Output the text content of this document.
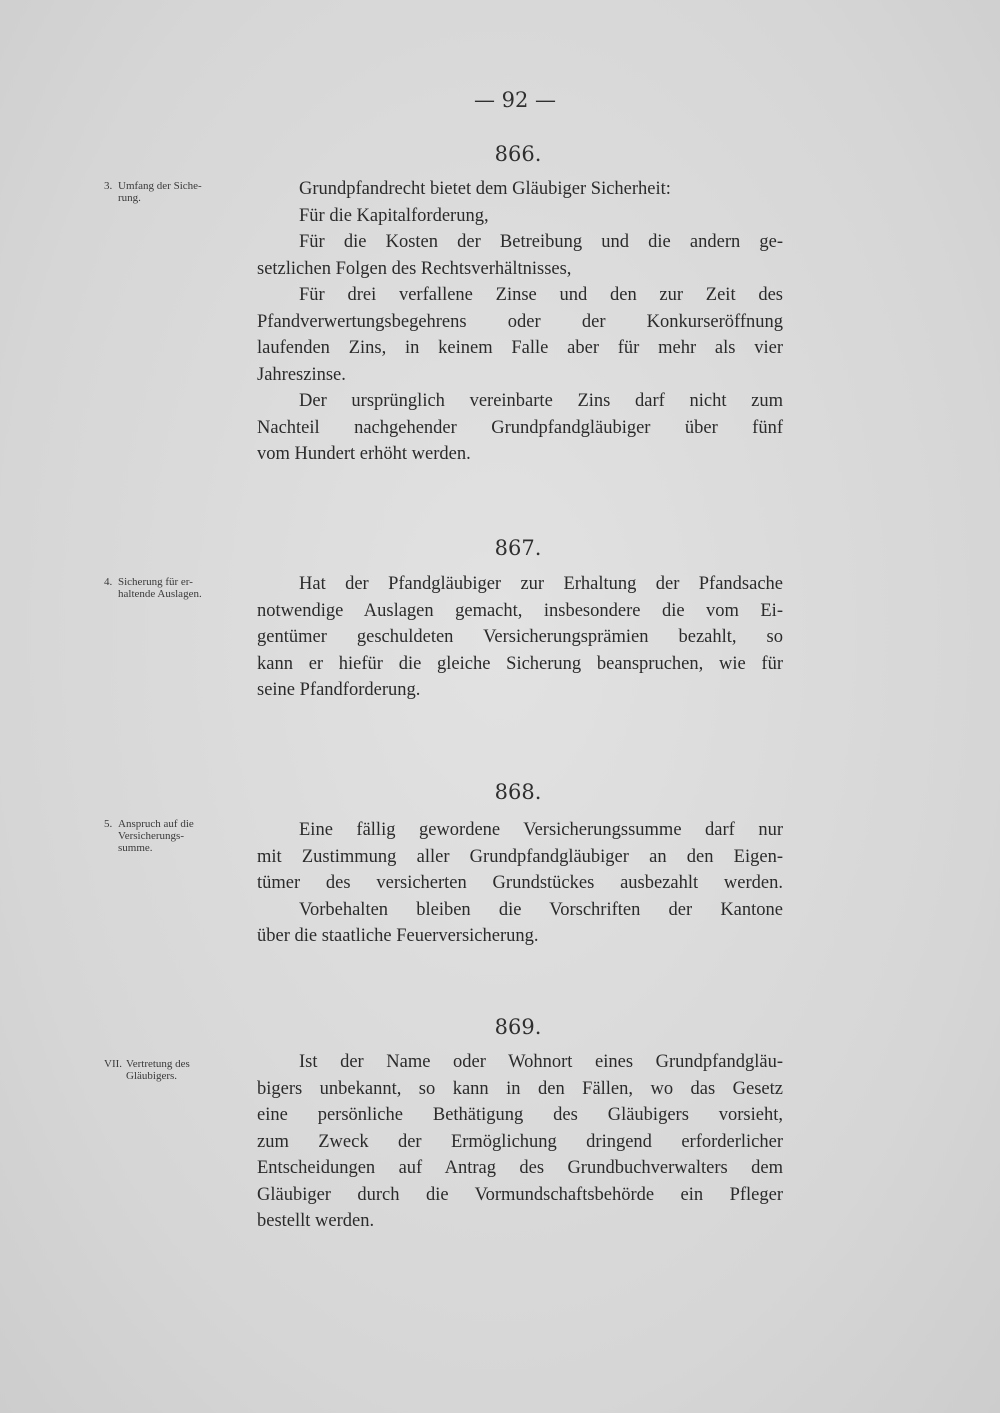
— 92 —
866.
3. Umfang der Siche-
rung.	Grundpfandrecht bietet dem Gläubiger Sicherheit:
Für die Kapitalforderung,
Für die Kosten der Betreibung und die andern ge-
setzlichen Folgen des Rechtsverhältnisses,
Für drei verfallene Zinse und den zur Zeit des
Pfandverwertungsbegehrens oder der Konkurseröffnung
laufenden Zins, in keinem Falle aber für mehr als vier
Jahreszinse.
Der ursprünglich vereinbarte Zins darf nicht zum
Nachteil nachgehender Grundpfandgläubiger über fünf
vom Hundert erhöht werden.
867.
4. Sicherung für er-
haltende Auslagen.	Hat der Pfandgläubiger zur Erhaltung der Pfandsache
notwendige Auslagen gemacht, insbesondere die vom Ei-
gentümer geschuldeten Versicherungsprämien bezahlt, so
kann er hiefür die gleiche Sicherung beanspruchen, wie für
seine Pfandforderung.
868.
5. Anspruch auf die
Versicherungs-
summe.
Eine fällig gewordene Versicherungssumme darf nur
mit Zustimmung aller Grundpfandgläubiger an den Eigen-
tümer des versicherten Grundstückes ausbezahlt werden.
Vorbehalten bleiben die Vorschriften der Kantone
über die staatliche Feuerversicherung.
869.
VII. Vertretung des
Gläubigers.
Ist der Name oder Wohnort eines Grundpfandgläu-
bigers unbekannt, so kann in den Fällen, wo das Gesetz
eine persönliche Bethätigung des Gläubigers vorsieht,
zum Zweck der Ermöglichung dringend erforderlicher
Entscheidungen auf Antrag des Grundbuchverwalters dem
Gläubiger durch die Vormundschaftsbehörde ein Pfleger
bestellt werden.
